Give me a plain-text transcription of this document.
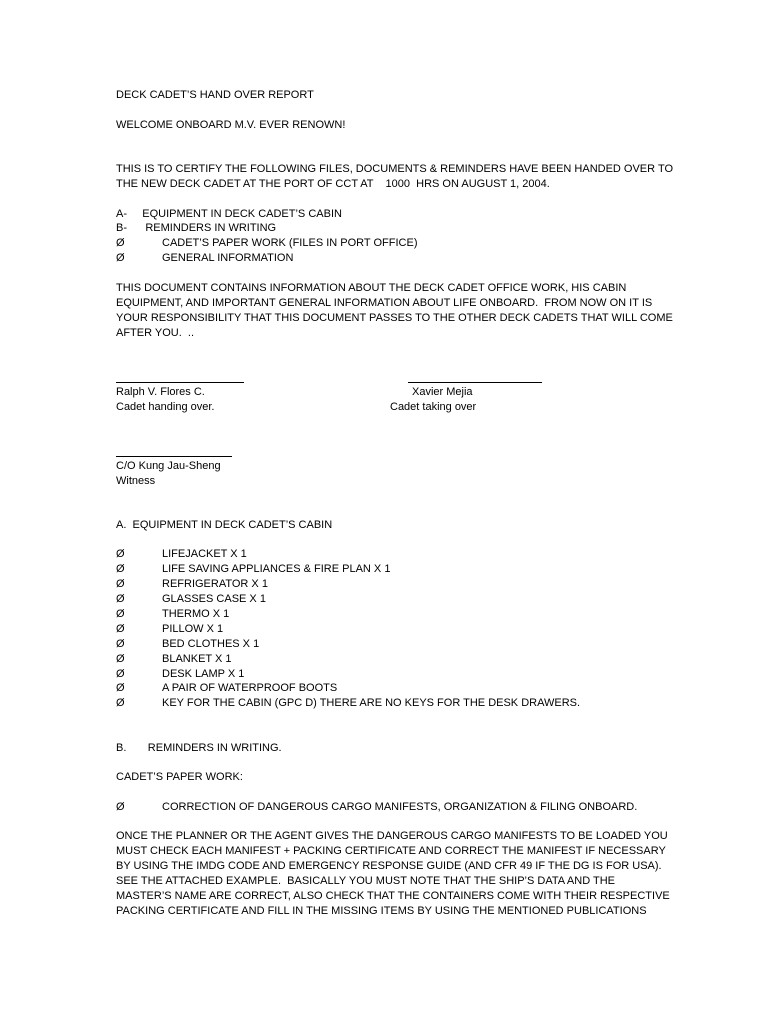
DECK CADET’S HAND OVER REPORT
WELCOME ONBOARD M.V. EVER RENOWN!
THIS IS TO CERTIFY THE FOLLOWING FILES, DOCUMENTS & REMINDERS HAVE BEEN HANDED OVER TO
THE NEW DECK CADET AT THE PORT OF CCT AT    1000  HRS ON AUGUST 1, 2004.
A-     EQUIPMENT IN DECK CADET’S CABIN
B-      REMINDERS IN WRITING
Ø	CADET’S PAPER WORK (FILES IN PORT OFFICE)
Ø	GENERAL INFORMATION
THIS DOCUMENT CONTAINS INFORMATION ABOUT THE DECK CADET OFFICE WORK, HIS CABIN
EQUIPMENT, AND IMPORTANT GENERAL INFORMATION ABOUT LIFE ONBOARD.  FROM NOW ON IT IS
YOUR RESPONSIBILITY THAT THIS DOCUMENT PASSES TO THE OTHER DECK CADETS THAT WILL COME
AFTER YOU.  ..
Ralph V. Flores C.
Cadet handing over.
Xavier Mejia
Cadet taking over
C/O Kung Jau-Sheng
Witness
A.  EQUIPMENT IN DECK CADET’S CABIN
Ø	LIFEJACKET X 1
Ø	LIFE SAVING APPLIANCES & FIRE PLAN X 1
Ø	REFRIGERATOR X 1
Ø	GLASSES CASE X 1
Ø	THERMO X 1
Ø	PILLOW X 1
Ø	BED CLOTHES X 1
Ø	BLANKET X 1
Ø	DESK LAMP X 1
Ø	A PAIR OF WATERPROOF BOOTS
Ø	KEY FOR THE CABIN (GPC D) THERE ARE NO KEYS FOR THE DESK DRAWERS.
B.       REMINDERS IN WRITING.
CADET’S PAPER WORK:
Ø	CORRECTION OF DANGEROUS CARGO MANIFESTS, ORGANIZATION & FILING ONBOARD.
ONCE THE PLANNER OR THE AGENT GIVES THE DANGEROUS CARGO MANIFESTS TO BE LOADED YOU
MUST CHECK EACH MANIFEST + PACKING CERTIFICATE AND CORRECT THE MANIFEST IF NECESSARY
BY USING THE IMDG CODE AND EMERGENCY RESPONSE GUIDE (AND CFR 49 IF THE DG IS FOR USA).
SEE THE ATTACHED EXAMPLE.  BASICALLY YOU MUST NOTE THAT THE SHIP’S DATA AND THE
MASTER’S NAME ARE CORRECT, ALSO CHECK THAT THE CONTAINERS COME WITH THEIR RESPECTIVE
PACKING CERTIFICATE AND FILL IN THE MISSING ITEMS BY USING THE MENTIONED PUBLICATIONS
